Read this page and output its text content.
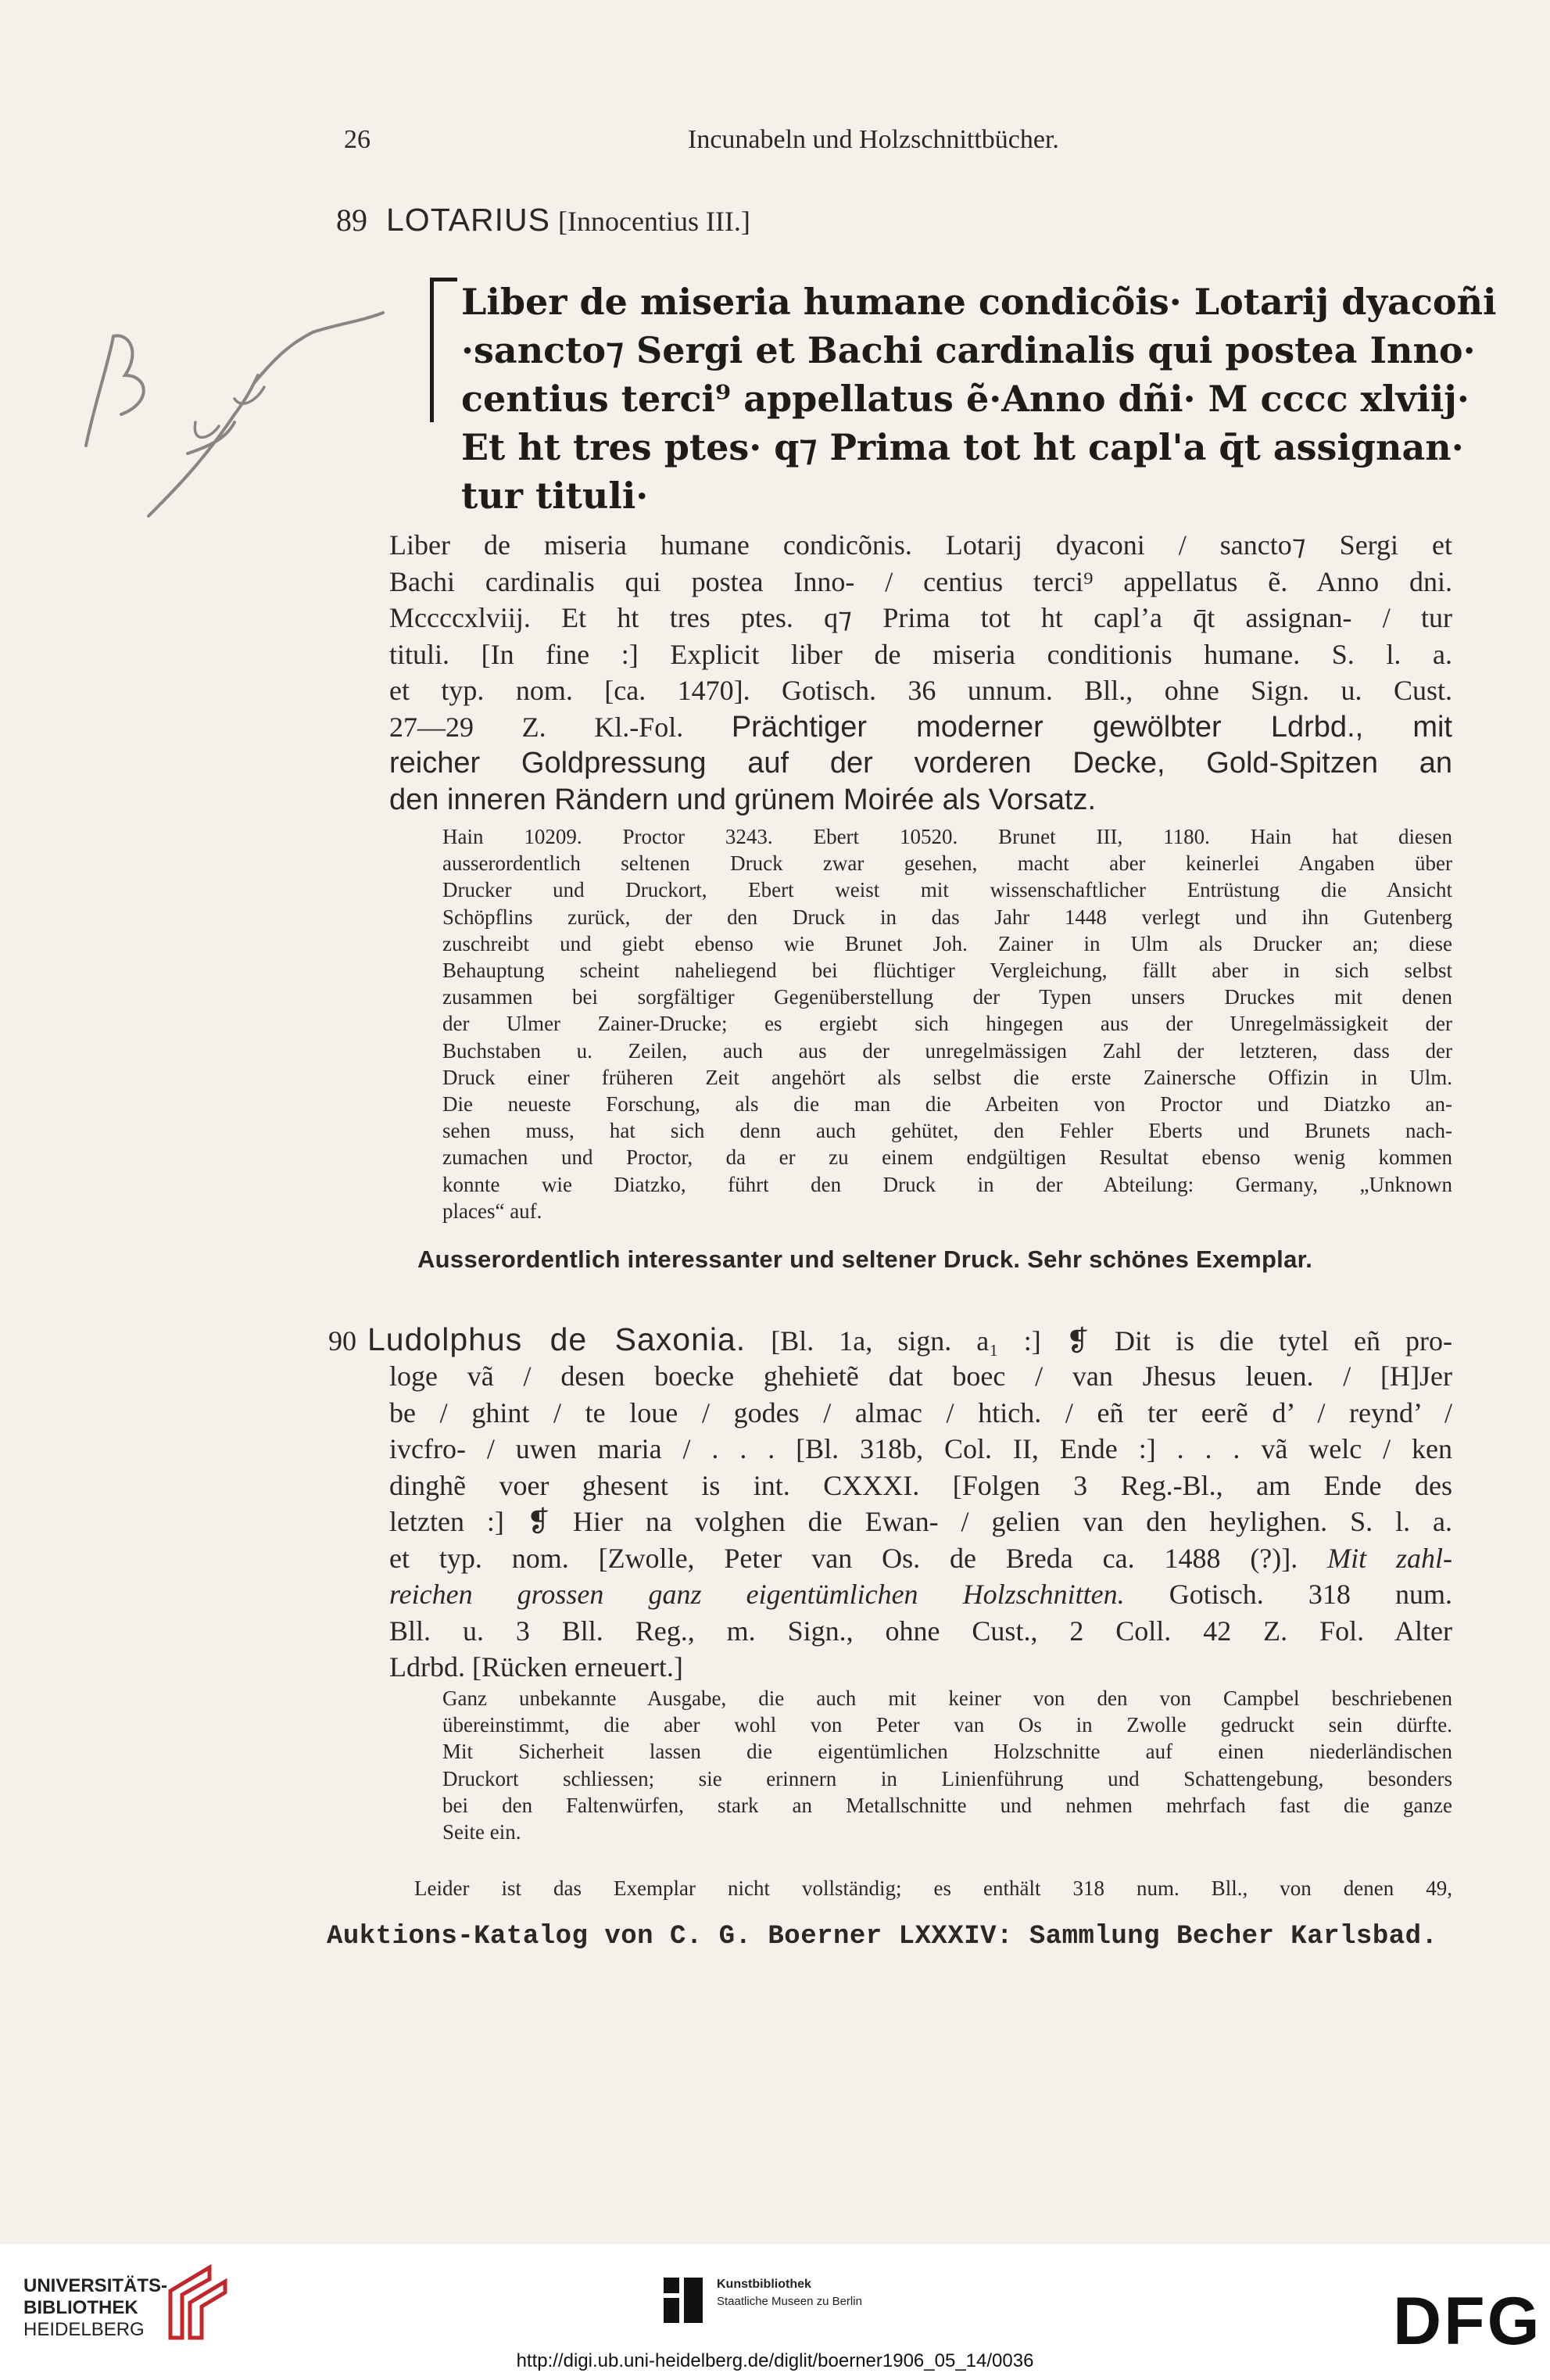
26	Incunabeln und Holzschnittbücher.
89 LOTARIUS [Innocentius III.]
Liber de miseria humane condicõis· Lotarij dyacoñi
·sancto⁊ Sergi et Bachi cardinalis qui postea Inno·
centius terci⁹ appellatus ẽ·Anno dñi· M cccc xlviij·
Et ht tres ptes· q⁊ Prima tot ht capl'a q̄t assignan·
tur tituli·
Liber de miseria humane condicõnis. Lotarij dyaconi / sancto⁊ Sergi et
Bachi cardinalis qui postea Inno- / centius terci⁹ appellatus ẽ. Anno dni.
Mccccxlviij. Et ht tres ptes. q⁊ Prima tot ht capl’a q̄t assignan- / tur
tituli. [In fine :] Explicit liber de miseria conditionis humane. S. l. a.
et typ. nom. [ca. 1470]. Gotisch. 36 unnum. Bll., ohne Sign. u. Cust.
27—29 Z. Kl.-Fol. Prächtiger moderner gewölbter Ldrbd., mit
reicher Goldpressung auf der vorderen Decke, Gold-Spitzen an
den inneren Rändern und grünem Moirée als Vorsatz.
Hain 10209. Proctor 3243. Ebert 10520. Brunet III, 1180. Hain hat diesen
ausserordentlich seltenen Druck zwar gesehen, macht aber keinerlei Angaben über
Drucker und Druckort, Ebert weist mit wissenschaftlicher Entrüstung die Ansicht
Schöpflins zurück, der den Druck in das Jahr 1448 verlegt und ihn Gutenberg
zuschreibt und giebt ebenso wie Brunet Joh. Zainer in Ulm als Drucker an; diese
Behauptung scheint naheliegend bei flüchtiger Vergleichung, fällt aber in sich selbst
zusammen bei sorgfältiger Gegenüberstellung der Typen unsers Druckes mit denen
der Ulmer Zainer-Drucke; es ergiebt sich hingegen aus der Unregelmässigkeit der
Buchstaben u. Zeilen, auch aus der unregelmässigen Zahl der letzteren, dass der
Druck einer früheren Zeit angehört als selbst die erste Zainersche Offizin in Ulm.
Die neueste Forschung, als die man die Arbeiten von Proctor und Diatzko an-
sehen muss, hat sich denn auch gehütet, den Fehler Eberts und Brunets nach-
zumachen und Proctor, da er zu einem endgültigen Resultat ebenso wenig kommen
konnte wie Diatzko, führt den Druck in der Abteilung: Germany, „Unknown
places“ auf.
Ausserordentlich interessanter und seltener Druck. Sehr schönes Exemplar.
90 Ludolphus de Saxonia. [Bl. 1a, sign. a₁ :] ❡ Dit is die tytel eñ pro-
loge vã / desen boecke ghehietẽ dat boec / van Jhesus leuen. / [H]Jer
be / ghint / te loue / godes / almac / htich. / eñ ter eerẽ d’ / reynd’ /
ivcfro- / uwen maria / . . . [Bl. 318b, Col. II, Ende :] . . . vã welc / ken
dinghẽ voer ghesent is int. CXXXI. [Folgen 3 Reg.-Bl., am Ende des
letzten :] ❡ Hier na volghen die Ewan- / gelien van den heylighen. S. l. a.
et typ. nom. [Zwolle, Peter van Os. de Breda ca. 1488 (?)]. Mit zahl-
reichen grossen ganz eigentümlichen Holzschnitten. Gotisch. 318 num.
Bll. u. 3 Bll. Reg., m. Sign., ohne Cust., 2 Coll. 42 Z. Fol. Alter
Ldrbd. [Rücken erneuert.]
Ganz unbekannte Ausgabe, die auch mit keiner von den von Campbel beschriebenen
übereinstimmt, die aber wohl von Peter van Os in Zwolle gedruckt sein dürfte.
Mit Sicherheit lassen die eigentümlichen Holzschnitte auf einen niederländischen
Druckort schliessen; sie erinnern in Linienführung und Schattengebung, besonders
bei den Faltenwürfen, stark an Metallschnitte und nehmen mehrfach fast die ganze
Seite ein.
Leider ist das Exemplar nicht vollständig; es enthält 318 num. Bll., von denen 49,
Auktions-Katalog von C. G. Boerner LXXXIV: Sammlung Becher Karlsbad.
UNIVERSITÄTS-
BIBLIOTHEK
HEIDELBERG
Kunstbibliothek
Staatliche Museen zu Berlin	DFG
http://digi.ub.uni-heidelberg.de/diglit/boerner1906_05_14/0036
